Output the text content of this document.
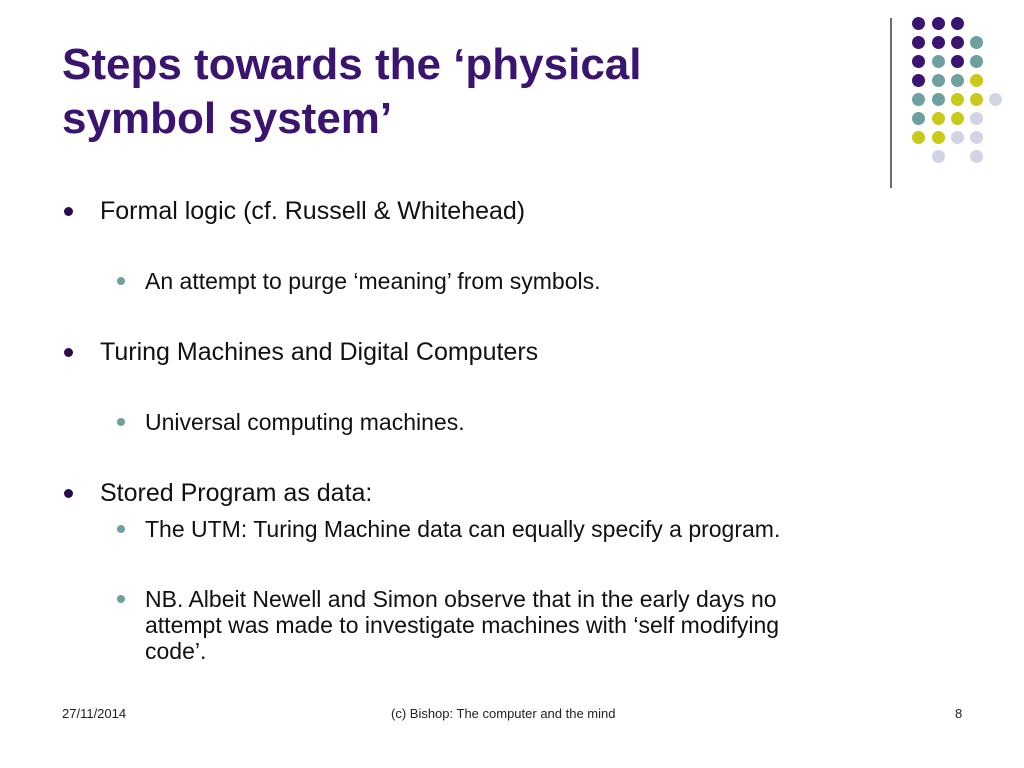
Steps towards the ‘physical
symbol system’
Formal logic (cf. Russell & Whitehead)
An attempt to purge ‘meaning’ from symbols.
Turing Machines and Digital Computers
Universal computing machines.
Stored Program as data:
The UTM: Turing Machine data can equally specify a program.
NB. Albeit Newell and Simon observe that in the early days no
attempt was made to investigate machines with ‘self modifying
code’.
27/11/2014	(c) Bishop: The computer and the mind	8
